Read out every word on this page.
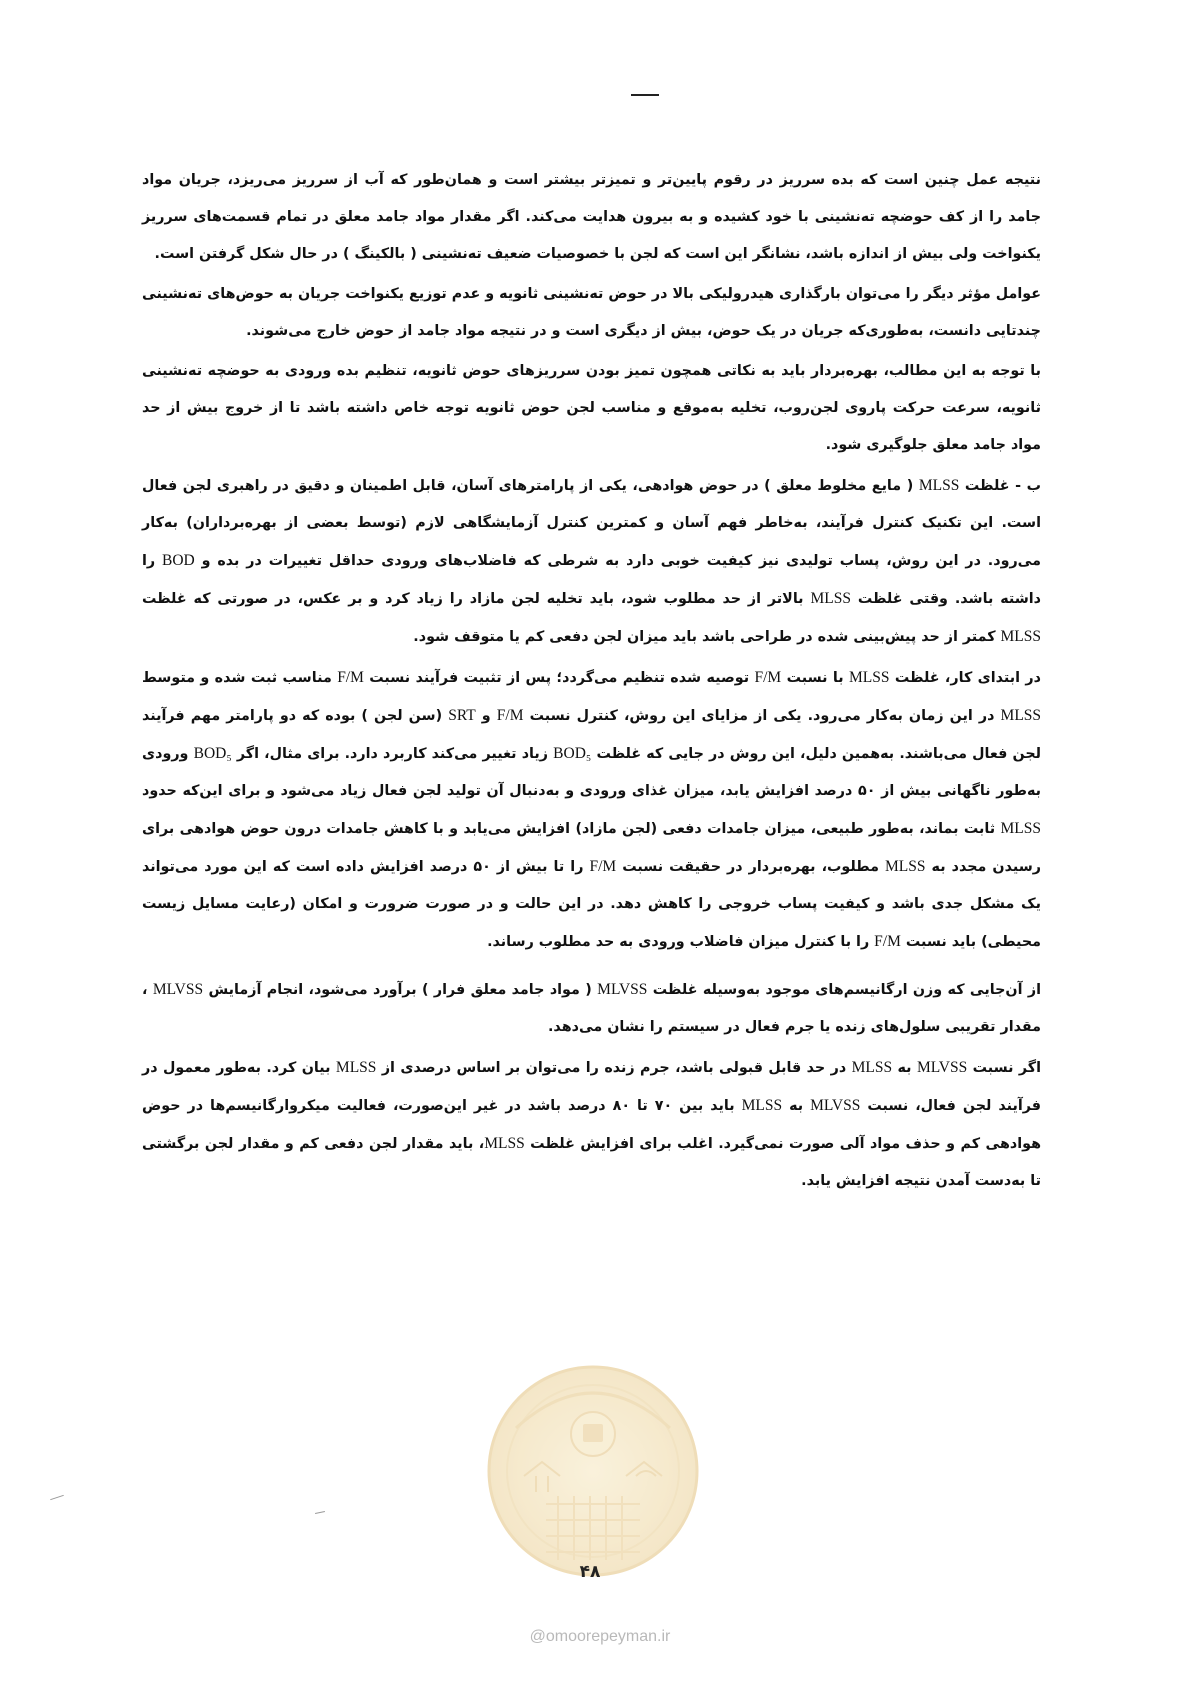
نتیجه عمل چنین است که بده سرریز در رقوم پایین‌تر و تمیزتر بیشتر است و همان‌طور که آب از سرریز می‌ریزد، جریان مواد جامد را از کف حوضچه ته‌نشینی با خود کشیده و به بیرون هدایت می‌کند. اگر مقدار مواد جامد معلق در تمام قسمت‌های سرریز یکنواخت ولی بیش از اندازه باشد، نشانگر این است که لجن با خصوصیات ضعیف ته‌نشینی ( بالکینگ ) در حال شکل گرفتن است.

عوامل مؤثر دیگر را می‌توان بارگذاری هیدرولیکی بالا در حوض ته‌نشینی ثانویه و عدم توزیع یکنواخت جریان به حوض‌های ته‌نشینی چندتایی دانست، به‌طوری‌که جریان در یک حوض، بیش از دیگری است و در نتیجه مواد جامد از حوض خارج می‌شوند.

با توجه به این مطالب، بهره‌بردار باید به نکاتی همچون تمیز بودن سرریزهای حوض ثانویه، تنظیم بده ورودی به حوضچه ته‌نشینی ثانویه، سرعت حرکت پاروی لجن‌روب، تخلیه به‌موقع و مناسب لجن حوض ثانویه توجه خاص داشته باشد تا از خروج بیش از حد مواد جامد معلق جلوگیری شود.

ب - غلظت MLSS ( مایع مخلوط معلق ) در حوض هوادهی، یکی از پارامترهای آسان، قابل اطمینان و دقیق در راهبری لجن فعال است. این تکنیک کنترل فرآیند، به‌خاطر فهم آسان و کمترین کنترل آزمایشگاهی لازم (توسط بعضی از بهره‌برداران) به‌کار می‌رود. در این روش، پساب تولیدی نیز کیفیت خوبی دارد به شرطی که فاضلاب‌های ورودی حداقل تغییرات در بده و BOD را داشته باشد. وقتی غلظت MLSS بالاتر از حد مطلوب شود، باید تخلیه لجن مازاد را زیاد کرد و بر عکس، در صورتی که غلظت MLSS کمتر از حد پیش‌بینی شده در طراحی باشد باید میزان لجن دفعی کم یا متوقف شود.

در ابتدای کار، غلظت MLSS با نسبت F/M توصیه شده تنظیم می‌گردد؛ پس از تثبیت فرآیند نسبت F/M مناسب ثبت شده و متوسط MLSS در این زمان به‌کار می‌رود. یکی از مزایای این روش، کنترل نسبت F/M و SRT (سن لجن ) بوده که دو پارامتر مهم فرآیند لجن فعال می‌باشند. به‌همین دلیل، این روش در جایی که غلظت BOD₅ زیاد تغییر می‌کند کاربرد دارد. برای مثال، اگر BOD₅ ورودی به‌طور ناگهانی بیش از ۵۰ درصد افزایش یابد، میزان غذای ورودی و به‌دنبال آن تولید لجن فعال زیاد می‌شود و برای این‌که حدود MLSS ثابت بماند، به‌طور طبیعی، میزان جامدات دفعی (لجن مازاد) افزایش می‌یابد و با کاهش جامدات درون حوض هوادهی برای رسیدن مجدد به MLSS مطلوب، بهره‌بردار در حقیقت نسبت F/M را تا بیش از ۵۰ درصد افزایش داده است که این مورد می‌تواند یک مشکل جدی باشد و کیفیت پساب خروجی را کاهش دهد. در این حالت و در صورت ضرورت و امکان (رعایت مسایل زیست محیطی) باید نسبت F/M را با کنترل میزان فاضلاب ورودی به حد مطلوب رساند.

از آن‌جایی که وزن ارگانیسم‌های موجود به‌وسیله غلظت MLVSS ( مواد جامد معلق فرار ) برآورد می‌شود، انجام آزمایش MLVSS ، مقدار تقریبی سلول‌های زنده یا جرم فعال در سیستم را نشان می‌دهد.

اگر نسبت MLVSS به MLSS در حد قابل قبولی باشد، جرم زنده را می‌توان بر اساس درصدی از MLSS بیان کرد. به‌طور معمول در فرآیند لجن فعال، نسبت MLVSS به MLSS باید بین ۷۰ تا ۸۰ درصد باشد در غیر این‌صورت، فعالیت میکروارگانیسم‌ها در حوض هوادهی کم و حذف مواد آلی صورت نمی‌گیرد. اغلب برای افزایش غلظت MLSS، باید مقدار لجن دفعی کم و مقدار لجن برگشتی تا به‌دست آمدن نتیجه افزایش یابد.

۴۸
@omoorepeyman.ir
